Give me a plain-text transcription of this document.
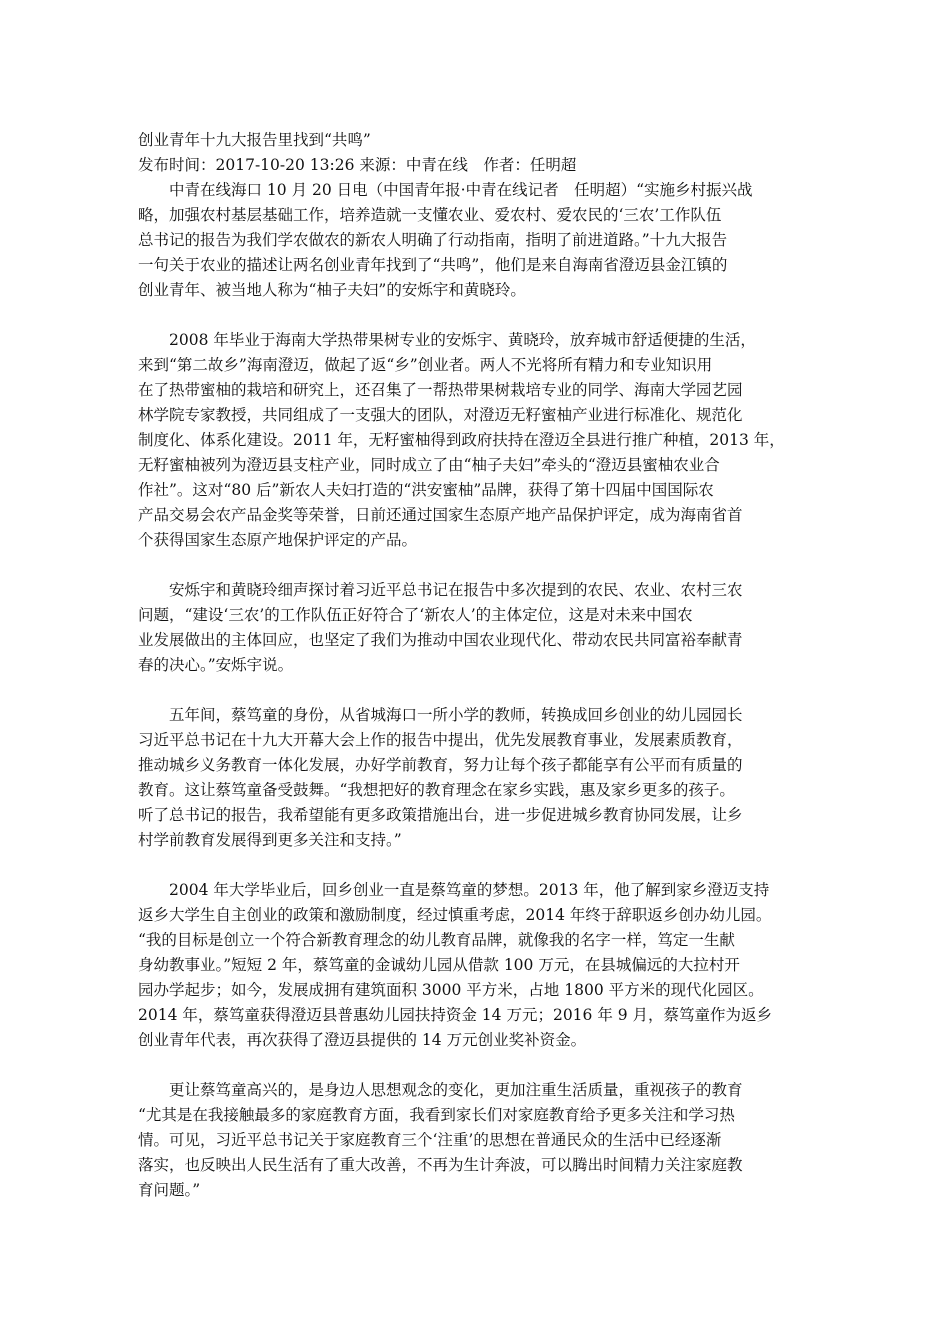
创业青年十九大报告里找到“共鸣”

发布时间：2017-10-20 13:26 来源：中青在线　作者：任明超

中青在线海口 10 月 20 日电（中国青年报·中青在线记者　任明超）“实施乡村振兴战
略，加强农村基层基础工作，培养造就一支懂农业、爱农村、爱农民的‘三农’工作队伍
总书记的报告为我们学农做农的新农人明确了行动指南，指明了前进道路。”十九大报告
一句关于农业的描述让两名创业青年找到了“共鸣”，他们是来自海南省澄迈县金江镇的
创业青年、被当地人称为“柚子夫妇”的安烁宇和黄晓玲。

2008 年毕业于海南大学热带果树专业的安烁宇、黄晓玲，放弃城市舒适便捷的生活，
来到“第二故乡”海南澄迈，做起了返“乡”创业者。两人不光将所有精力和专业知识用
在了热带蜜柚的栽培和研究上，还召集了一帮热带果树栽培专业的同学、海南大学园艺园
林学院专家教授，共同组成了一支强大的团队，对澄迈无籽蜜柚产业进行标准化、规范化
制度化、体系化建设。2011 年，无籽蜜柚得到政府扶持在澄迈全县进行推广种植，2013 年，
无籽蜜柚被列为澄迈县支柱产业，同时成立了由“柚子夫妇”牵头的“澄迈县蜜柚农业合
作社”。这对“80 后”新农人夫妇打造的“洪安蜜柚”品牌，获得了第十四届中国国际农
产品交易会农产品金奖等荣誉，日前还通过国家生态原产地产品保护评定，成为海南省首
个获得国家生态原产地保护评定的产品。

安烁宇和黄晓玲细声探讨着习近平总书记在报告中多次提到的农民、农业、农村三农
问题，“建设‘三农’的工作队伍正好符合了‘新农人’的主体定位，这是对未来中国农
业发展做出的主体回应，也坚定了我们为推动中国农业现代化、带动农民共同富裕奉献青
春的决心。”安烁宇说。

五年间，蔡笃童的身份，从省城海口一所小学的教师，转换成回乡创业的幼儿园园长
习近平总书记在十九大开幕大会上作的报告中提出，优先发展教育事业，发展素质教育，
推动城乡义务教育一体化发展，办好学前教育，努力让每个孩子都能享有公平而有质量的
教育。这让蔡笃童备受鼓舞。“我想把好的教育理念在家乡实践，惠及家乡更多的孩子。
听了总书记的报告，我希望能有更多政策措施出台，进一步促进城乡教育协同发展，让乡
村学前教育发展得到更多关注和支持。”

2004 年大学毕业后，回乡创业一直是蔡笃童的梦想。2013 年，他了解到家乡澄迈支持
返乡大学生自主创业的政策和激励制度，经过慎重考虑，2014 年终于辞职返乡创办幼儿园。
“我的目标是创立一个符合新教育理念的幼儿教育品牌，就像我的名字一样，笃定一生献
身幼教事业。”短短 2 年，蔡笃童的金诚幼儿园从借款 100 万元，在县城偏远的大拉村开
园办学起步；如今，发展成拥有建筑面积 3000 平方米，占地 1800 平方米的现代化园区。
2014 年，蔡笃童获得澄迈县普惠幼儿园扶持资金 14 万元；2016 年 9 月，蔡笃童作为返乡
创业青年代表，再次获得了澄迈县提供的 14 万元创业奖补资金。

更让蔡笃童高兴的，是身边人思想观念的变化，更加注重生活质量，重视孩子的教育
“尤其是在我接触最多的家庭教育方面，我看到家长们对家庭教育给予更多关注和学习热
情。可见，习近平总书记关于家庭教育三个‘注重’的思想在普通民众的生活中已经逐渐
落实，也反映出人民生活有了重大改善，不再为生计奔波，可以腾出时间精力关注家庭教
育问题。”
